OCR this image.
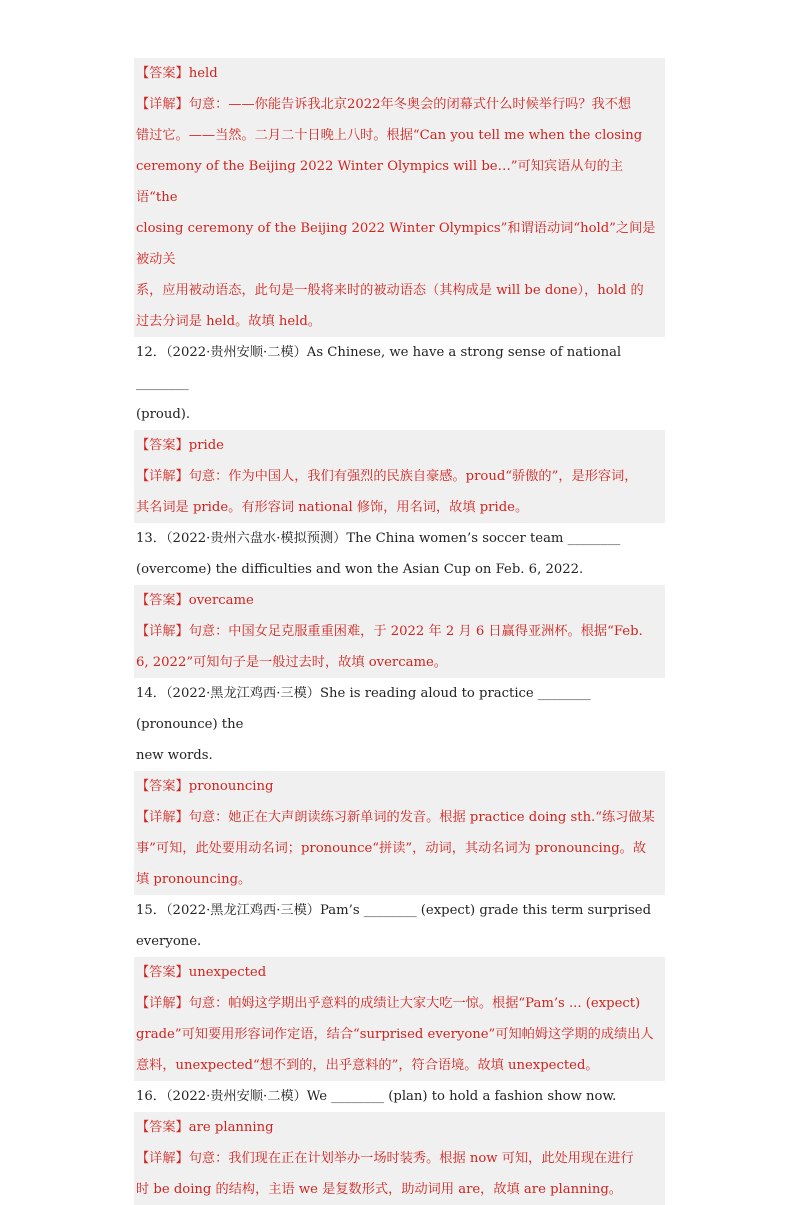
【答案】held

【详解】句意：——你能告诉我北京2022年冬奥会的闭幕式什么时候举行吗？我不想

错过它。——当然。二月二十日晚上八时。根据“Can you tell me when the closing

ceremony of the Beijing 2022 Winter Olympics will be…”可知宾语从句的主语“the

closing ceremony of the Beijing 2022 Winter Olympics”和谓语动词“hold”之间是被动关

系，应用被动语态，此句是一般将来时的被动语态（其构成是 will be done），hold 的

过去分词是 held。故填 held。

12．（2022·贵州安顺·二模）As Chinese, we have a strong sense of national ________

(proud).

【答案】pride

【详解】句意：作为中国人，我们有强烈的民族自豪感。proud“骄傲的”，是形容词，

其名词是 pride。有形容词 national 修饰，用名词，故填 pride。

13．（2022·贵州六盘水·模拟预测）The China women’s soccer team ________

(overcome) the difficulties and won the Asian Cup on Feb. 6, 2022.

【答案】overcame

【详解】句意：中国女足克服重重困难，于 2022 年 2 月 6 日赢得亚洲杯。根据“Feb.

6, 2022”可知句子是一般过去时，故填 overcame。

14．（2022·黑龙江鸡西·三模）She is reading aloud to practice ________ (pronounce) the

new words.

【答案】pronouncing

【详解】句意：她正在大声朗读练习新单词的发音。根据 practice doing sth.“练习做某

事”可知，此处要用动名词；pronounce“拼读”，动词，其动名词为 pronouncing。故

填 pronouncing。

15．（2022·黑龙江鸡西·三模）Pam’s ________ (expect) grade this term surprised

everyone.

【答案】unexpected

【详解】句意：帕姆这学期出乎意料的成绩让大家大吃一惊。根据“Pam’s ... (expect)

grade”可知要用形容词作定语，结合“surprised everyone”可知帕姆这学期的成绩出人

意料，unexpected“想不到的，出乎意料的”，符合语境。故填 unexpected。

16．（2022·贵州安顺·二模）We ________ (plan) to hold a fashion show now.

【答案】are planning

【详解】句意：我们现在正在计划举办一场时装秀。根据 now 可知，此处用现在进行

时 be doing 的结构，主语 we 是复数形式，助动词用 are，故填 are planning。
